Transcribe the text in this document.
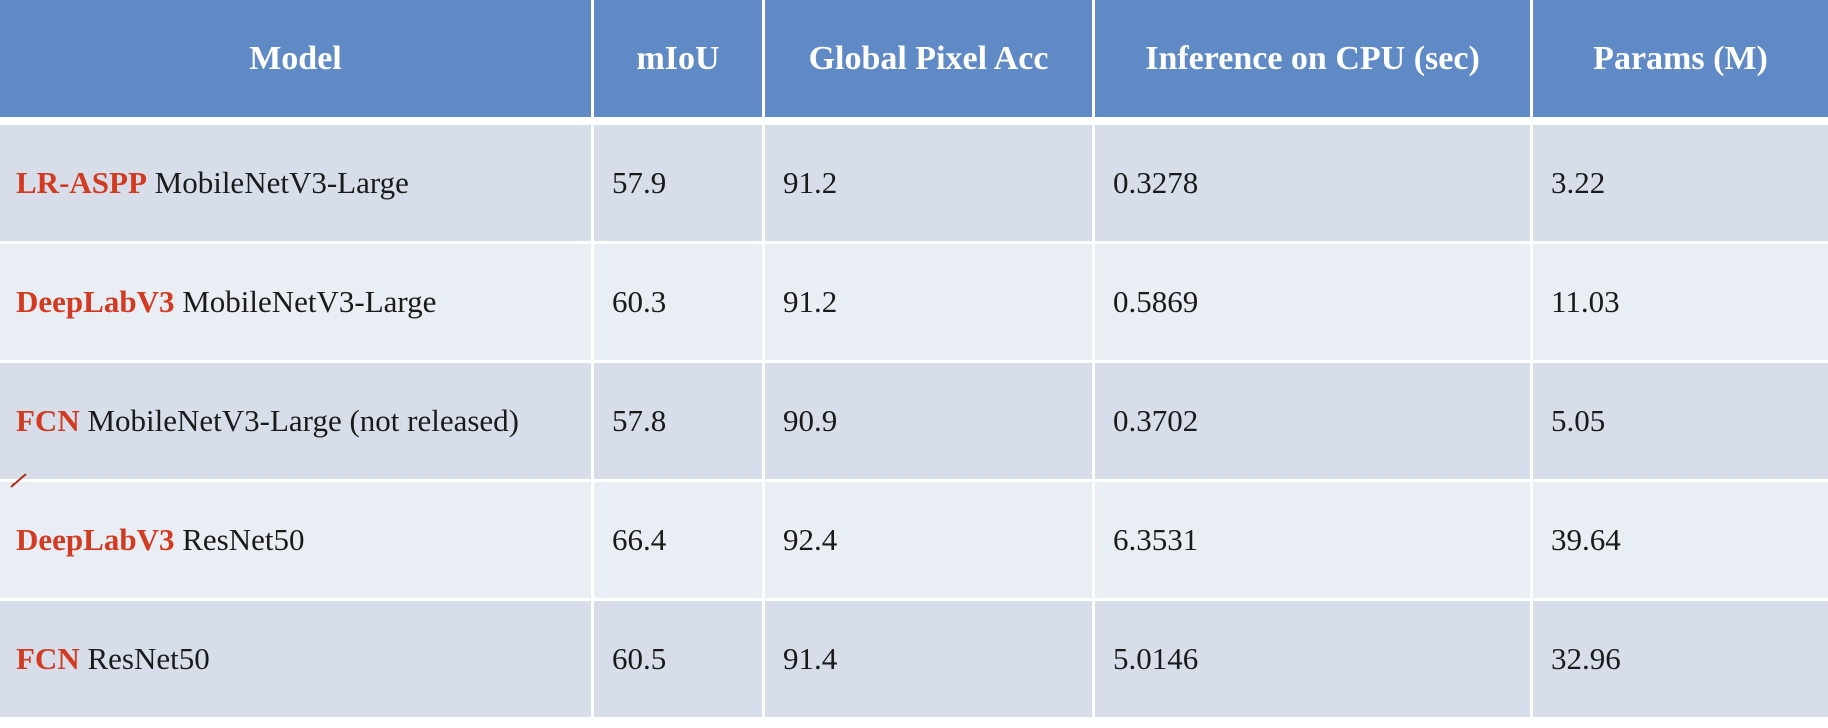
Model	mIoU	Global Pixel Acc	Inference on CPU (sec)	Params (M)
LR-ASPP MobileNetV3-Large	57.9	91.2	0.3278	3.22
DeepLabV3 MobileNetV3-Large	60.3	91.2	0.5869	11.03
FCN MobileNetV3-Large (not released)	57.8	90.9	0.3702	5.05
DeepLabV3 ResNet50	66.4	92.4	6.3531	39.64
FCN ResNet50	60.5	91.4	5.0146	32.96
